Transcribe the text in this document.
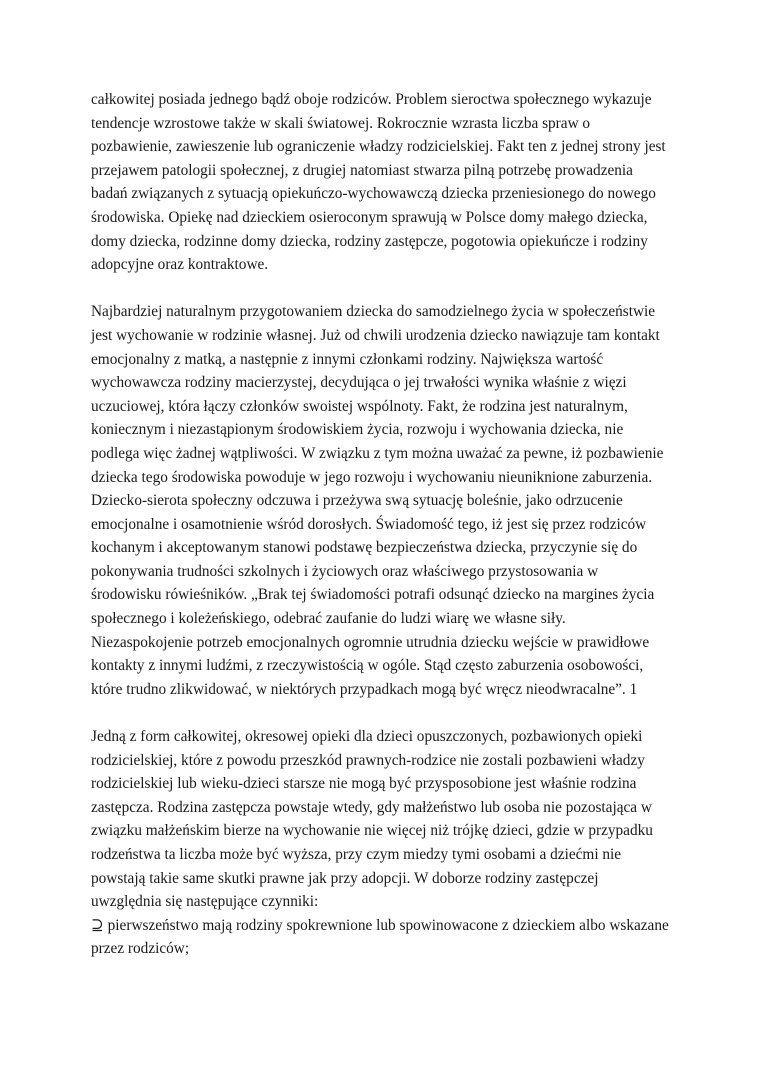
całkowitej posiada jednego bądź oboje rodziców. Problem sieroctwa społecznego wykazuje
tendencje wzrostowe także w skali światowej. Rokrocznie wzrasta liczba spraw o
pozbawienie, zawieszenie lub ograniczenie władzy rodzicielskiej. Fakt ten z jednej strony jest
przejawem patologii społecznej, z drugiej natomiast stwarza pilną potrzebę prowadzenia
badań związanych z sytuacją opiekuńczo-wychowawczą dziecka przeniesionego do nowego
środowiska. Opiekę nad dzieckiem osieroconym sprawują w Polsce domy małego dziecka,
domy dziecka, rodzinne domy dziecka, rodziny zastępcze, pogotowia opiekuńcze i rodziny
adopcyjne oraz kontraktowe.
Najbardziej naturalnym przygotowaniem dziecka do samodzielnego życia w społeczeństwie
jest wychowanie w rodzinie własnej. Już od chwili urodzenia dziecko nawiązuje tam kontakt
emocjonalny z matką, a następnie z innymi członkami rodziny. Największa wartość
wychowawcza rodziny macierzystej, decydująca o jej trwałości wynika właśnie z więzi
uczuciowej, która łączy członków swoistej wspólnoty. Fakt, że rodzina jest naturalnym,
koniecznym i niezastąpionym środowiskiem życia, rozwoju i wychowania dziecka, nie
podlega więc żadnej wątpliwości. W związku z tym można uważać za pewne, iż pozbawienie
dziecka tego środowiska powoduje w jego rozwoju i wychowaniu nieuniknione zaburzenia.
Dziecko-sierota społeczny odczuwa i przeżywa swą sytuację boleśnie, jako odrzucenie
emocjonalne i osamotnienie wśród dorosłych. Świadomość tego, iż jest się przez rodziców
kochanym i akceptowanym stanowi podstawę bezpieczeństwa dziecka, przyczynie się do
pokonywania trudności szkolnych i życiowych oraz właściwego przystosowania w
środowisku rówieśników. „Brak tej świadomości potrafi odsunąć dziecko na margines życia
społecznego i koleżeńskiego, odebrać zaufanie do ludzi wiarę we własne siły.
Niezaspokojenie potrzeb emocjonalnych ogromnie utrudnia dziecku wejście w prawidłowe
kontakty z innymi ludźmi, z rzeczywistością w ogóle. Stąd często zaburzenia osobowości,
które trudno zlikwidować, w niektórych przypadkach mogą być wręcz nieodwracalne”. 1
Jedną z form całkowitej, okresowej opieki dla dzieci opuszczonych, pozbawionych opieki
rodzicielskiej, które z powodu przeszkód prawnych-rodzice nie zostali pozbawieni władzy
rodzicielskiej lub wieku-dzieci starsze nie mogą być przysposobione jest właśnie rodzina
zastępcza. Rodzina zastępcza powstaje wtedy, gdy małżeństwo lub osoba nie pozostająca w
związku małżeńskim bierze na wychowanie nie więcej niż trójkę dzieci, gdzie w przypadku
rodzeństwa ta liczba może być wyższa, przy czym miedzy tymi osobami a dziećmi nie
powstają takie same skutki prawne jak przy adopcji. W doborze rodziny zastępczej
uwzględnia się następujące czynniki:
⊇ pierwszeństwo mają rodziny spokrewnione lub spowinowacone z dzieckiem albo wskazane
przez rodziców;
